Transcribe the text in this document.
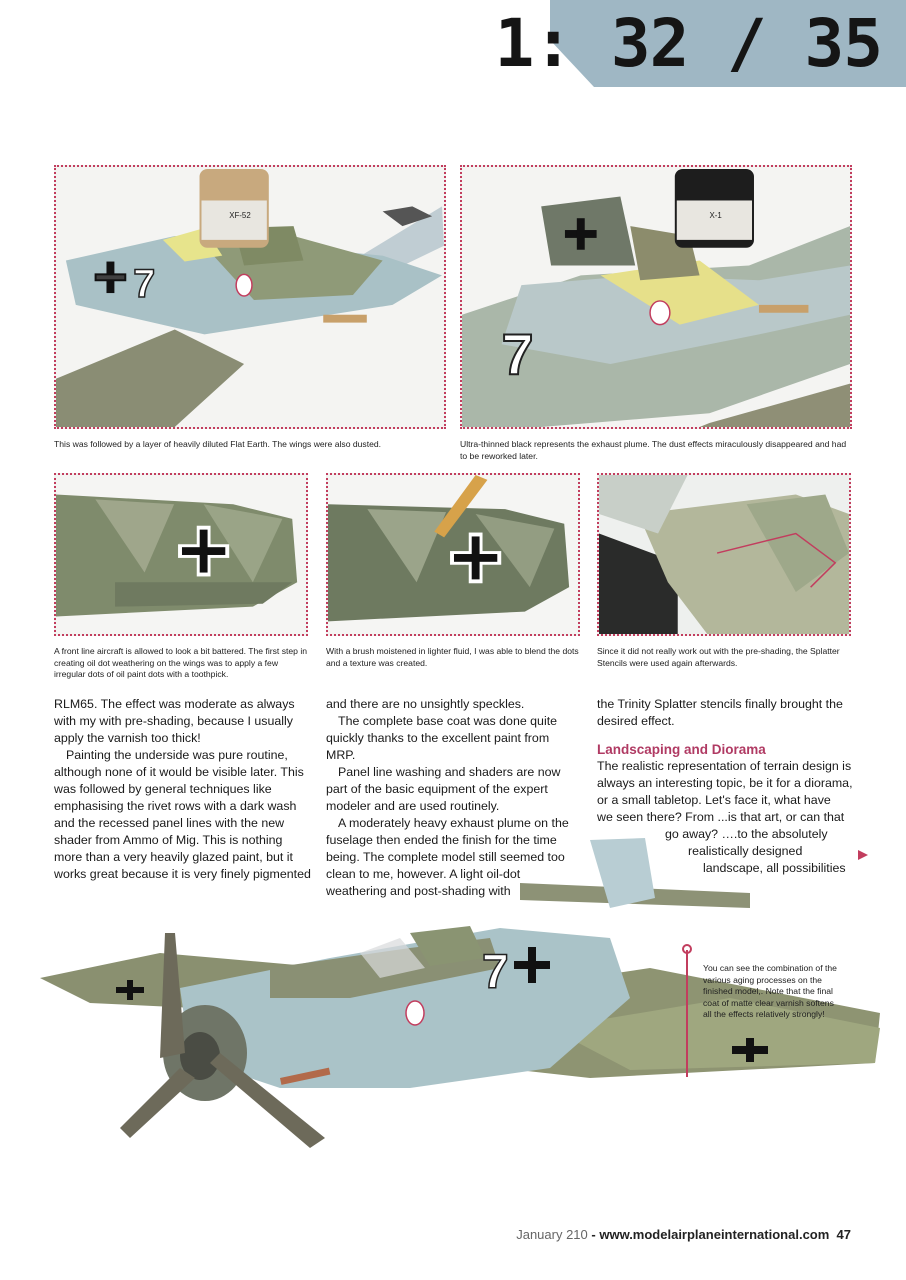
1: 32 / 35
XF-52
7
This was followed by a layer of heavily diluted Flat Earth. The wings were also dusted.
X-1
7
Ultra-thinned black represents the exhaust plume. The dust effects miraculously disappeared and had to be reworked later.
A front line aircraft is allowed to look a bit battered. The first step in creating oil dot weathering on the wings was to apply a few irregular dots of oil paint dots with a toothpick.
With a brush moistened in lighter fluid, I was able to blend the dots and a texture was created.
Since it did not really work out with the pre-shading, the Splatter Stencils were used again afterwards.

RLM65. The effect was moderate as always with my with pre-shading, because I usually apply the varnish too thick!

Painting the underside was pure routine, although none of it would be visible later. This was followed by general techniques like emphasising the rivet rows with a dark wash and the recessed panel lines with the new shader from Ammo of Mig. This is nothing more than a very heavily glazed paint, but it works great because it is very finely pigmented

and there are no unsightly speckles.

The complete base coat was done quite quickly thanks to the excellent paint from MRP.

Panel line washing and shaders are now part of the basic equipment of the expert modeler and are used routinely.

A moderately heavy exhaust plume on the fuselage then ended the finish for the time being. The complete model still seemed too clean to me, however. A light oil-dot weathering and post-shading with

the Trinity Splatter stencils finally brought the desired effect.

Landscaping and Diorama

The realistic representation of terrain design is

always an interesting topic, be it for a diorama,

or a small tabletop. Let's face it, what have

we seen there? From ...is that art, or can that

go away? ….to the absolutely

realistically designed

landscape, all possibilities

7	You can see the combination of the various aging processes on the finished model,. Note that the final coat of matte clear varnish softens all the effects relatively strongly!
January 210 - www.modelairplaneinternational.com 47
